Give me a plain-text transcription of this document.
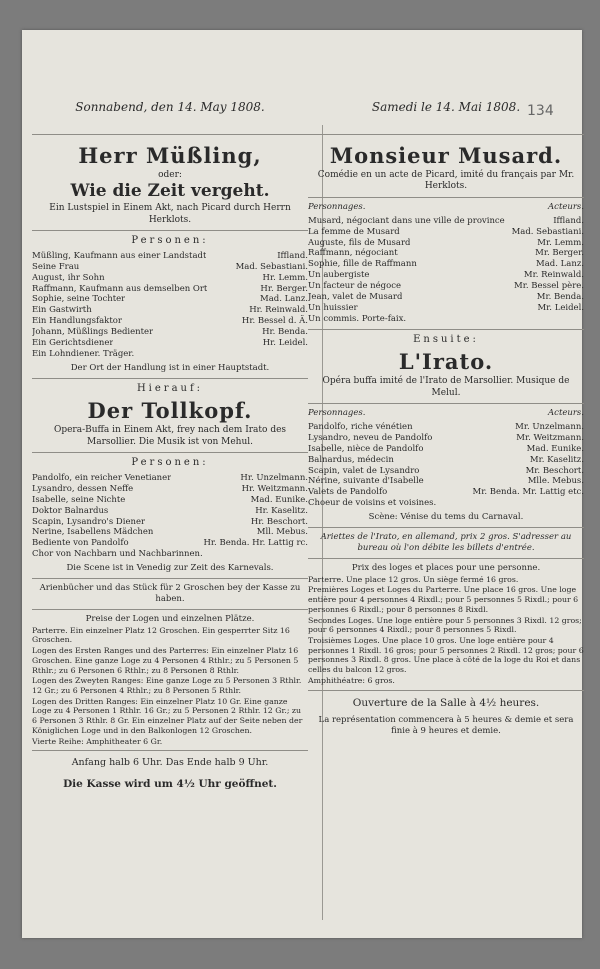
134
Sonnabend, den 14. May 1808.	Samedi le 14. Mai 1808.
Herr Müßling,
oder:
Wie die Zeit vergeht.
Ein Lustspiel in Einem Akt, nach Picard durch Herrn Herklots.
Personen:
Müßling, Kaufmann aus einer Landstadt	Iffland.
Seine Frau	Mad. Sebastiani.
August, ihr Sohn	Hr. Lemm.
Raffmann, Kaufmann aus demselben Ort	Hr. Berger.
Sophie, seine Tochter	Mad. Lanz.
Ein Gastwirth	Hr. Reinwald.
Ein Handlungsfaktor	Hr. Bessel d. Ä.
Johann, Müßlings Bedienter	Hr. Benda.
Ein Gerichtsdiener	Hr. Leidel.
Ein Lohndiener. Träger.
Der Ort der Handlung ist in einer Hauptstadt.
Hierauf:
Der Tollkopf.
Opera-Buffa in Einem Akt, frey nach dem Irato des Marsollier. Die Musik ist von Mehul.
Personen:
Pandolfo, ein reicher Venetianer	Hr. Unzelmann.
Lysandro, dessen Neffe	Hr. Weitzmann.
Isabelle, seine Nichte	Mad. Eunike.
Doktor Balnardus	Hr. Kaselitz.
Scapin, Lysandro's Diener	Hr. Beschort.
Nerine, Isabellens Mädchen	Mll. Mebus.
Bediente von Pandolfo	Hr. Benda. Hr. Lattig rc.
Chor von Nachbarn und Nachbarinnen.
Die Scene ist in Venedig zur Zeit des Karnevals.
Arienbücher und das Stück für 2 Groschen bey der Kasse zu haben.
Preise der Logen und einzelnen Plätze.
Parterre. Ein einzelner Platz 12 Groschen. Ein gesperrter Sitz 16 Groschen.
Logen des Ersten Ranges und des Parterres: Ein einzelner Platz 16 Groschen. Eine ganze Loge zu 4 Personen 4 Rthlr.; zu 5 Personen 5 Rthlr.; zu 6 Personen 6 Rthlr.; zu 8 Personen 8 Rthlr.
Logen des Zweyten Ranges: Eine ganze Loge zu 5 Personen 3 Rthlr. 12 Gr.; zu 6 Personen 4 Rthlr.; zu 8 Personen 5 Rthlr.
Logen des Dritten Ranges: Ein einzelner Platz 10 Gr. Eine ganze Loge zu 4 Personen 1 Rthlr. 16 Gr.; zu 5 Personen 2 Rthlr. 12 Gr.; zu 6 Personen 3 Rthlr. 8 Gr. Ein einzelner Platz auf der Seite neben der Königlichen Loge und in den Balkonlogen 12 Groschen.
Vierte Reihe: Amphitheater 6 Gr.
Anfang halb 6 Uhr. Das Ende halb 9 Uhr.
Die Kasse wird um 4½ Uhr geöffnet.
Monsieur Musard.
Comédie en un acte de Picard, imité du français par Mr. Herklots.
Personnages.	Acteurs.
Musard, négociant dans une ville de province	Iffland.
La femme de Musard	Mad. Sebastiani.
Auguste, fils de Musard	Mr. Lemm.
Raffmann, négociant	Mr. Berger.
Sophie, fille de Raffmann	Mad. Lanz.
Un aubergiste	Mr. Reinwald.
Un facteur de négoce	Mr. Bessel père.
Jean, valet de Musard	Mr. Benda.
Un huissier	Mr. Leidel.
Un commis. Porte-faix.
Ensuite:
L'Irato.
Opéra buffa imité de l'Irato de Marsollier. Musique de Melul.
Personnages.	Acteurs.
Pandolfo, riche vénétien	Mr. Unzelmann.
Lysandro, neveu de Pandolfo	Mr. Weitzmann.
Isabelle, nièce de Pandolfo	Mad. Eunike.
Balnardus, médecin	Mr. Kaselitz.
Scapin, valet de Lysandro	Mr. Beschort.
Nérine, suivante d'Isabelle	Mlle. Mebus.
Valets de Pandolfo	Mr. Benda. Mr. Lattig etc.
Choeur de voisins et voisines.
Scène: Vénise du tems du Carnaval.
Ariettes de l'Irato, en allemand, prix 2 gros. S'adresser au bureau où l'on débite les billets d'entrée.
Prix des loges et places pour une personne.
Parterre. Une place 12 gros. Un siège fermé 16 gros.
Premières Loges et Loges du Parterre. Une place 16 gros. Une loge entière pour 4 personnes 4 Rixdl.; pour 5 personnes 5 Rixdl.; pour 6 personnes 6 Rixdl.; pour 8 personnes 8 Rixdl.
Secondes Loges. Une loge entière pour 5 personnes 3 Rixdl. 12 gros; pour 6 personnes 4 Rixdl.; pour 8 personnes 5 Rixdl.
Troisièmes Loges. Une place 10 gros. Une loge entière pour 4 personnes 1 Rixdl. 16 gros; pour 5 personnes 2 Rixdl. 12 gros; pour 6 personnes 3 Rixdl. 8 gros. Une place à côté de la loge du Roi et dans celles du balcon 12 gros.
Amphithéatre: 6 gros.
Ouverture de la Salle à 4½ heures.
La représentation commencera à 5 heures & demie et sera finie à 9 heures et demie.
